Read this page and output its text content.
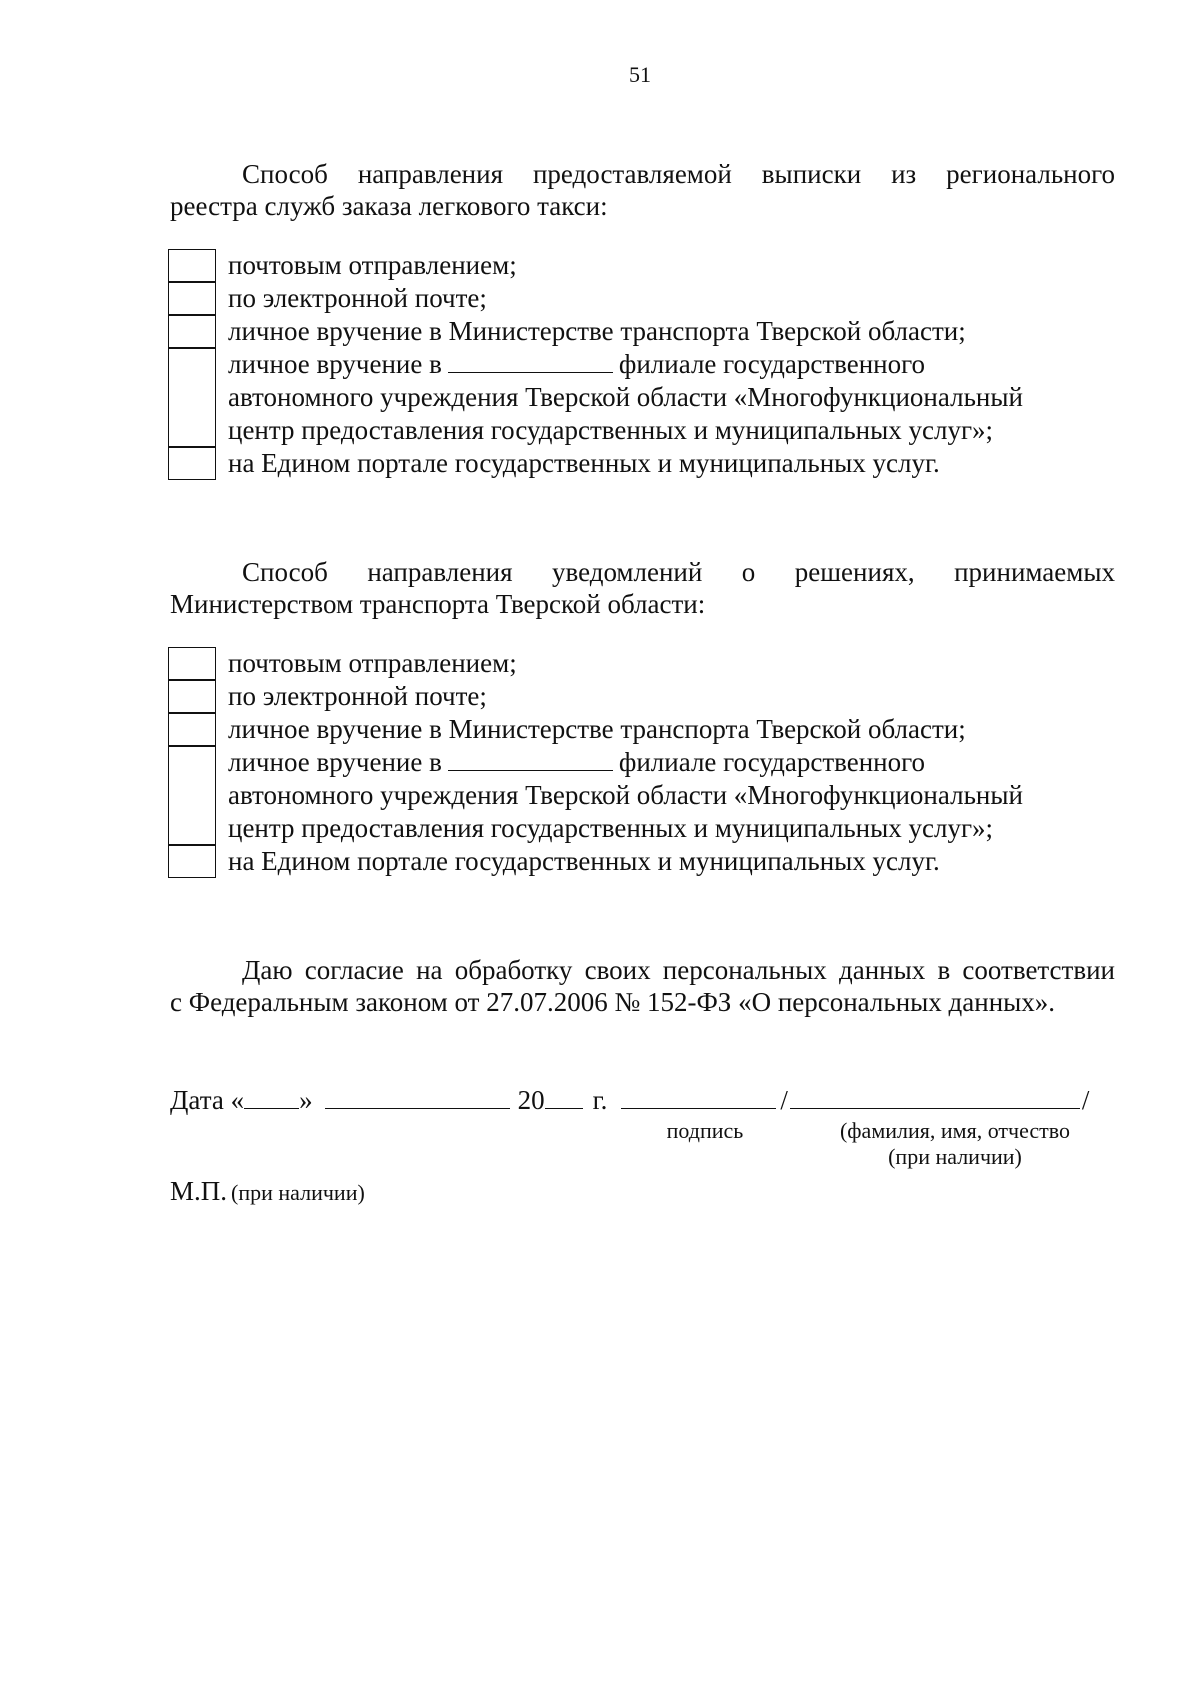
51
Способ направления предоставляемой выписки из регионального
реестра служб заказа легкового такси:
почтовым отправлением;
по электронной почте;
личное вручение в Министерстве транспорта Тверской области;
личное вручение в	филиале государственного
автономного учреждения Тверской области «Многофункциональный
центр предоставления государственных и муниципальных услуг»;
на Едином портале государственных и муниципальных услуг.
Способ направления уведомлений о решениях, принимаемых
Министерством транспорта Тверской области:
почтовым отправлением;
по электронной почте;
личное вручение в Министерстве транспорта Тверской области;
личное вручение в	филиале государственного
автономного учреждения Тверской области «Многофункциональный
центр предоставления государственных и муниципальных услуг»;
на Едином портале государственных и муниципальных услуг.
Даю согласие на обработку своих персональных данных в соответствии
с Федеральным законом от 27.07.2006 № 152-ФЗ «О персональных данных».
Дата « »	20 г.	/	/
подпись	(фамилия, имя, отчество
(при наличии)
М.П. (при наличии)
